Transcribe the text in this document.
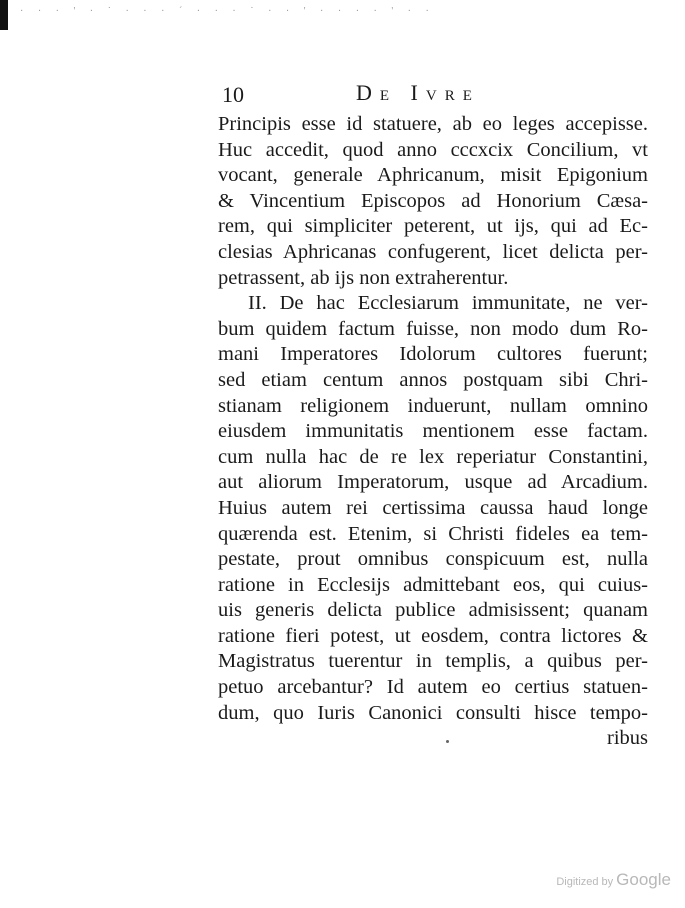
· · · ' · ˙ · · · ´ · · · ˙ · · ' · · · · ' · ·
10	De Ivre
Principis esse id statuere, ab eo leges accepisse.
Huc accedit, quod anno cccxcix Concilium, vt
vocant, generale Aphricanum, misit Epigonium
& Vincentium Episcopos ad Honorium Cæsa-
rem, qui simpliciter peterent, ut ijs, qui ad Ec-
clesias Aphricanas confugerent, licet delicta per-
petrassent, ab ijs non extraherentur.
II. De hac Ecclesiarum immunitate, ne ver-
bum quidem factum fuisse, non modo dum Ro-
mani Imperatores Idolorum cultores fuerunt;
sed etiam centum annos postquam sibi Chri-
stianam religionem induerunt, nullam omnino
eiusdem immunitatis mentionem esse factam.
cum nulla hac de re lex reperiatur Constantini,
aut aliorum Imperatorum, usque ad Arcadium.
Huius autem rei certissima caussa haud longe
quærenda est. Etenim, si Christi fideles ea tem-
pestate, prout omnibus conspicuum est, nulla
ratione in Ecclesijs admittebant eos, qui cuius-
uis generis delicta publice admisissent; quanam
ratione fieri potest, ut eosdem, contra lictores &
Magistratus tuerentur in templis, a quibus per-
petuo arcebantur? Id autem eo certius statuen-
dum, quo Iuris Canonici consulti hisce tempo-
ribus
Digitized by Google
